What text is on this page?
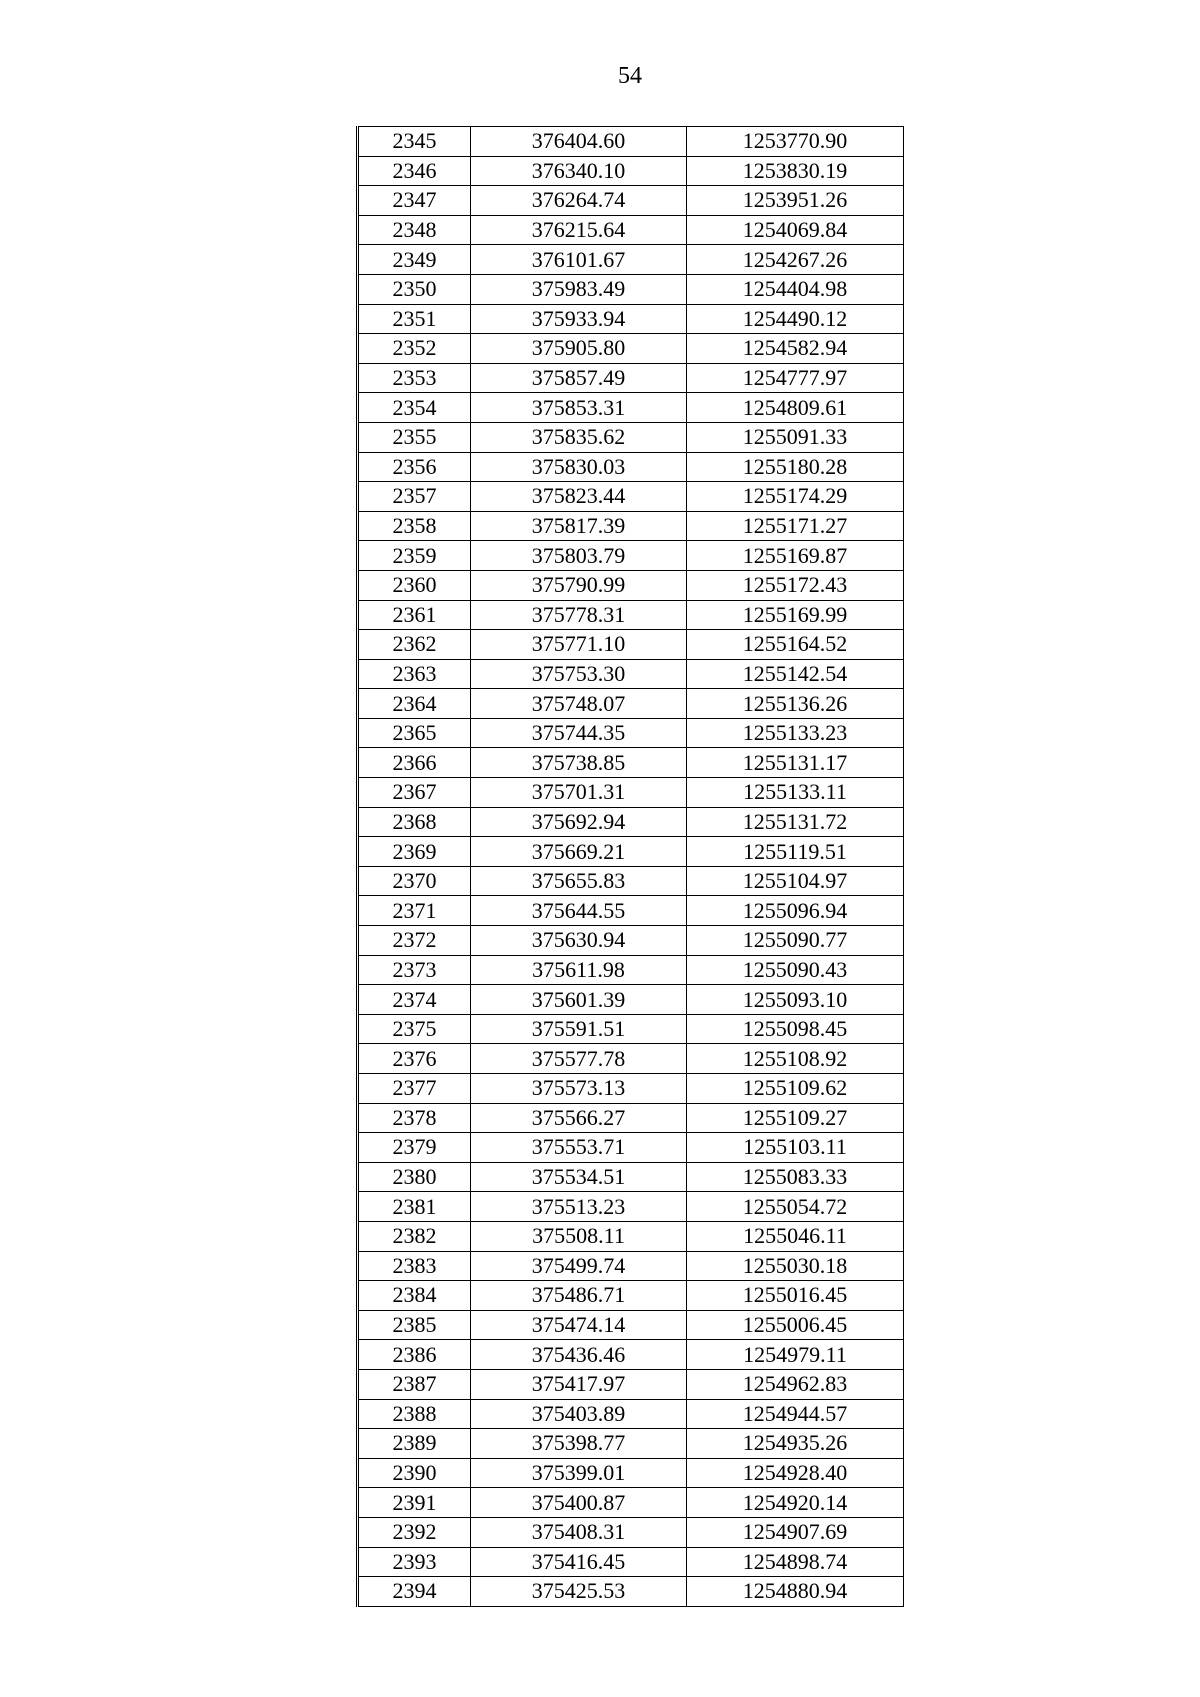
54
2345	376404.60	1253770.90
2346	376340.10	1253830.19
2347	376264.74	1253951.26
2348	376215.64	1254069.84
2349	376101.67	1254267.26
2350	375983.49	1254404.98
2351	375933.94	1254490.12
2352	375905.80	1254582.94
2353	375857.49	1254777.97
2354	375853.31	1254809.61
2355	375835.62	1255091.33
2356	375830.03	1255180.28
2357	375823.44	1255174.29
2358	375817.39	1255171.27
2359	375803.79	1255169.87
2360	375790.99	1255172.43
2361	375778.31	1255169.99
2362	375771.10	1255164.52
2363	375753.30	1255142.54
2364	375748.07	1255136.26
2365	375744.35	1255133.23
2366	375738.85	1255131.17
2367	375701.31	1255133.11
2368	375692.94	1255131.72
2369	375669.21	1255119.51
2370	375655.83	1255104.97
2371	375644.55	1255096.94
2372	375630.94	1255090.77
2373	375611.98	1255090.43
2374	375601.39	1255093.10
2375	375591.51	1255098.45
2376	375577.78	1255108.92
2377	375573.13	1255109.62
2378	375566.27	1255109.27
2379	375553.71	1255103.11
2380	375534.51	1255083.33
2381	375513.23	1255054.72
2382	375508.11	1255046.11
2383	375499.74	1255030.18
2384	375486.71	1255016.45
2385	375474.14	1255006.45
2386	375436.46	1254979.11
2387	375417.97	1254962.83
2388	375403.89	1254944.57
2389	375398.77	1254935.26
2390	375399.01	1254928.40
2391	375400.87	1254920.14
2392	375408.31	1254907.69
2393	375416.45	1254898.74
2394	375425.53	1254880.94
